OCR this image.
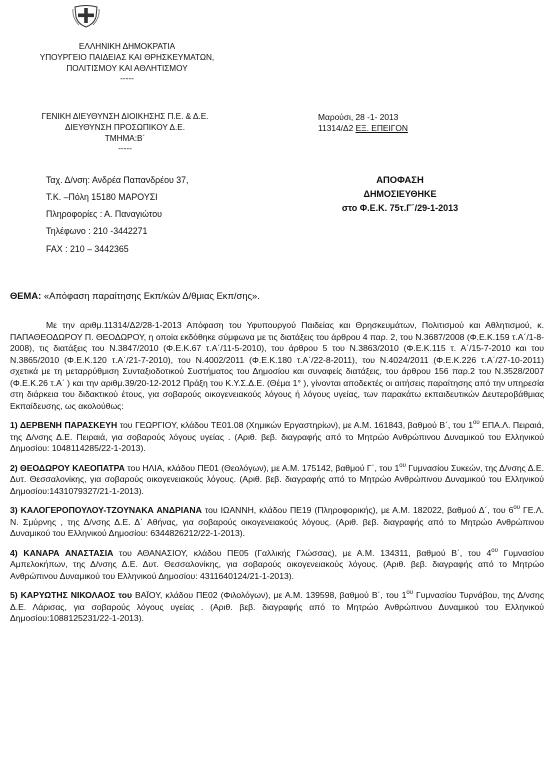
ΕΛΛΗΝΙΚΗ ΔΗΜΟΚΡΑΤΙΑ
ΥΠΟΥΡΓΕΙΟ ΠΑΙΔΕΙΑΣ ΚΑΙ ΘΡΗΣΚΕΥΜΑΤΩΝ,
ΠΟΛΙΤΙΣΜΟΥ ΚΑΙ ΑΘΛΗΤΙΣΜΟΥ
-----
ΓΕΝΙΚΗ ΔΙΕΥΘΥΝΣΗ ΔΙΟΙΚΗΣΗΣ Π.Ε. & Δ.Ε.
ΔΙΕΥΘΥΝΣΗ ΠΡΟΣΩΠΙΚΟΥ Δ.Ε.
ΤΜΗΜΑ:Β΄
-----
Μαρούσι, 28 -1- 2013
11314/Δ2 ΕΞ. ΕΠΕΙΓΟΝ
Ταχ. Δ/νση: Ανδρέα Παπανδρέου 37,
Τ.Κ. –Πόλη 15180 ΜΑΡΟΥΣΙ
Πληροφορίες : Α. Παναγιώτου
Τηλέφωνο : 210 -3442271
FAX : 210 – 3442365
ΑΠΟΦΑΣΗ
ΔΗΜΟΣΙΕΥΘΗΚΕ
στο Φ.Ε.Κ. 75τ.Γ΄/29-1-2013
ΘΕΜΑ: «Απόφαση παραίτησης Εκπ/κών Δ/θμιας Εκπ/σης».

Με την αριθμ.11314/Δ2/28-1-2013 Απόφαση του Υφυπουργού Παιδείας και Θρησκευμάτων, Πολιτισμού και Αθλητισμού, κ. ΠΑΠΑΘΕΟΔΩΡΟΥ Π. ΘΕΟΔΩΡΟΥ, η οποία εκδόθηκε σύμφωνα με τις διατάξεις του άρθρου 4 παρ. 2, του Ν.3687/2008 (Φ.Ε.Κ.159 τ.Α΄/1-8-2008), τις διατάξεις του Ν.3847/2010 (Φ.Ε.Κ.67 τ.Α΄/11-5-2010), του άρθρου 5 του Ν.3863/2010 (Φ.Ε.Κ.115 τ. Α΄/15-7-2010 και του Ν.3865/2010 (Φ.Ε.Κ.120 τ.Α΄/21-7-2010), του Ν.4002/2011 (Φ.Ε.Κ.180 τ.Α΄/22-8-2011), του Ν.4024/2011 (Φ.Ε.Κ.226 τ.Α΄/27-10-2011) σχετικά με τη μεταρρύθμιση Συνταξιοδοτικού Συστήματος του Δημοσίου και συναφείς διατάξεις, του άρθρου 156 παρ.2 του Ν.3528/2007 (Φ.Ε.Κ.26 τ.Α΄ ) και την αριθμ.39/20-12-2012 Πράξη του Κ.Υ.Σ.Δ.Ε. (Θέμα 1° ), γίνονται αποδεκτές οι αιτήσεις παραίτησης από την υπηρεσία στη διάρκεια του διδακτικού έτους, για σοβαρούς οικογενειακούς λόγους ή λόγους υγείας, των παρακάτω εκπαιδευτικών Δευτεροβάθμιας Εκπαίδευσης, ως ακολούθως:

1) ΔΕΡΒΕΝΗ ΠΑΡΑΣΚΕΥΗ του ΓΕΩΡΓΙΟΥ, κλάδου ΤΕ01.08 (Χημικών Εργαστηρίων), με Α.Μ. 161843, βαθμού Β΄, του $1^{o\upsilon}$ ΕΠΑ.Λ. Πειραιά, της Δ/νσης Δ.Ε. Πειραιά, για σοβαρούς λόγους υγείας . (Αριθ. βεβ. διαγραφής από το Μητρώο Ανθρώπινου Δυναμικού του Ελληνικού Δημοσίου: 1048114285/22-1-2013).

2) ΘΕΟΔΩΡΟΥ ΚΛΕΟΠΑΤΡΑ του ΗΛΙΑ, κλάδου ΠΕ01 (Θεολόγων), με Α.Μ. 175142, βαθμού Γ΄, του $1^{o\upsilon}$ Γυμνασίου Συκεών, της Δ/νσης Δ.Ε. Δυτ. Θεσσαλονίκης, για σοβαρούς οικογενειακούς λόγους. (Αριθ. βεβ. διαγραφής από το Μητρώο Ανθρώπινου Δυναμικού του Ελληνικού Δημοσίου:1431079327/21-1-2013).

3) ΚΑΛΟΓΕΡΟΠΟΥΛΟΥ-ΤΖΟΥΝΑΚΑ ΑΝΔΡΙΑΝΑ του ΙΩΑΝΝΗ, κλάδου ΠΕ19 (Πληροφορικής), με Α.Μ. 182022, βαθμού Δ΄, του $6^{o\upsilon}$ ΓΕ.Λ. Ν. Σμύρνης , της Δ/νσης Δ.Ε. Δ΄ Αθήνας, για σοβαρούς οικογενειακούς λόγους. (Αριθ. βεβ. διαγραφής από το Μητρώο Ανθρώπινου Δυναμικού του Ελληνικού Δημοσίου: 6344826212/22-1-2013).

4) ΚΑΝΑΡΑ ΑΝΑΣΤΑΣΙΑ του ΑΘΑΝΑΣΙΟΥ, κλάδου ΠΕ05 (Γαλλικής Γλώσσας), με Α.Μ. 134311, βαθμού Β΄, του $4^{o\upsilon}$ Γυμνασίου Αμπελοκήπων, της Δ/νσης Δ.Ε. Δυτ. Θεσσαλονίκης, για σοβαρούς οικογενειακούς λόγους. (Αριθ. βεβ. διαγραφής από το Μητρώο Ανθρώπινου Δυναμικού του Ελληνικού Δημοσίου: 4311640124/21-1-2013).

5) ΚΑΡΥΩΤΗΣ ΝΙΚΟΛΑΟΣ του ΒΑΪΟΥ, κλάδου ΠΕ02 (Φιλολόγων), με Α.Μ. 139598, βαθμού Β΄, του $1^{o\upsilon}$ Γυμνασίου Τυρνάβου, της Δ/νσης Δ.Ε. Λάρισας, για σοβαρούς λόγους υγείας . (Αριθ. βεβ. διαγραφής από το Μητρώο Ανθρώπινου Δυναμικού του Ελληνικού Δημοσίου:1088125231/22-1-2013).
